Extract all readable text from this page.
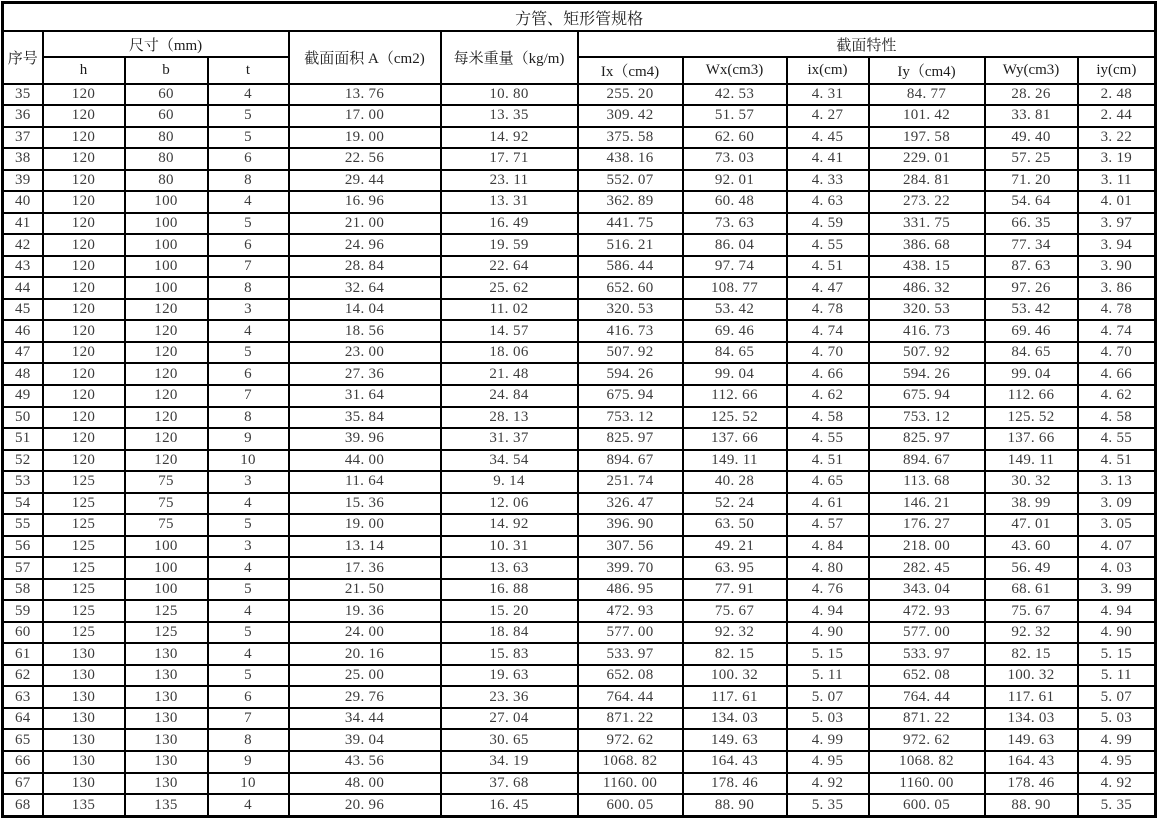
方管、矩形管规格											
序号	尺寸（mm)			截面面积 A（cm2)	每米重量（kg/m)	截面特性					
	h	b	t			Ix（cm4)	Wx(cm3)	ix(cm)	Iy（cm4)	Wy(cm3)	iy(cm)
35	120	60	4	13. 76	10. 80	255. 20	42. 53	4. 31	84. 77	28. 26	2. 48
36	120	60	5	17. 00	13. 35	309. 42	51. 57	4. 27	101. 42	33. 81	2. 44
37	120	80	5	19. 00	14. 92	375. 58	62. 60	4. 45	197. 58	49. 40	3. 22
38	120	80	6	22. 56	17. 71	438. 16	73. 03	4. 41	229. 01	57. 25	3. 19
39	120	80	8	29. 44	23. 11	552. 07	92. 01	4. 33	284. 81	71. 20	3. 11
40	120	100	4	16. 96	13. 31	362. 89	60. 48	4. 63	273. 22	54. 64	4. 01
41	120	100	5	21. 00	16. 49	441. 75	73. 63	4. 59	331. 75	66. 35	3. 97
42	120	100	6	24. 96	19. 59	516. 21	86. 04	4. 55	386. 68	77. 34	3. 94
43	120	100	7	28. 84	22. 64	586. 44	97. 74	4. 51	438. 15	87. 63	3. 90
44	120	100	8	32. 64	25. 62	652. 60	108. 77	4. 47	486. 32	97. 26	3. 86
45	120	120	3	14. 04	11. 02	320. 53	53. 42	4. 78	320. 53	53. 42	4. 78
46	120	120	4	18. 56	14. 57	416. 73	69. 46	4. 74	416. 73	69. 46	4. 74
47	120	120	5	23. 00	18. 06	507. 92	84. 65	4. 70	507. 92	84. 65	4. 70
48	120	120	6	27. 36	21. 48	594. 26	99. 04	4. 66	594. 26	99. 04	4. 66
49	120	120	7	31. 64	24. 84	675. 94	112. 66	4. 62	675. 94	112. 66	4. 62
50	120	120	8	35. 84	28. 13	753. 12	125. 52	4. 58	753. 12	125. 52	4. 58
51	120	120	9	39. 96	31. 37	825. 97	137. 66	4. 55	825. 97	137. 66	4. 55
52	120	120	10	44. 00	34. 54	894. 67	149. 11	4. 51	894. 67	149. 11	4. 51
53	125	75	3	11. 64	9. 14	251. 74	40. 28	4. 65	113. 68	30. 32	3. 13
54	125	75	4	15. 36	12. 06	326. 47	52. 24	4. 61	146. 21	38. 99	3. 09
55	125	75	5	19. 00	14. 92	396. 90	63. 50	4. 57	176. 27	47. 01	3. 05
56	125	100	3	13. 14	10. 31	307. 56	49. 21	4. 84	218. 00	43. 60	4. 07
57	125	100	4	17. 36	13. 63	399. 70	63. 95	4. 80	282. 45	56. 49	4. 03
58	125	100	5	21. 50	16. 88	486. 95	77. 91	4. 76	343. 04	68. 61	3. 99
59	125	125	4	19. 36	15. 20	472. 93	75. 67	4. 94	472. 93	75. 67	4. 94
60	125	125	5	24. 00	18. 84	577. 00	92. 32	4. 90	577. 00	92. 32	4. 90
61	130	130	4	20. 16	15. 83	533. 97	82. 15	5. 15	533. 97	82. 15	5. 15
62	130	130	5	25. 00	19. 63	652. 08	100. 32	5. 11	652. 08	100. 32	5. 11
63	130	130	6	29. 76	23. 36	764. 44	117. 61	5. 07	764. 44	117. 61	5. 07
64	130	130	7	34. 44	27. 04	871. 22	134. 03	5. 03	871. 22	134. 03	5. 03
65	130	130	8	39. 04	30. 65	972. 62	149. 63	4. 99	972. 62	149. 63	4. 99
66	130	130	9	43. 56	34. 19	1068. 82	164. 43	4. 95	1068. 82	164. 43	4. 95
67	130	130	10	48. 00	37. 68	1160. 00	178. 46	4. 92	1160. 00	178. 46	4. 92
68	135	135	4	20. 96	16. 45	600. 05	88. 90	5. 35	600. 05	88. 90	5. 35
